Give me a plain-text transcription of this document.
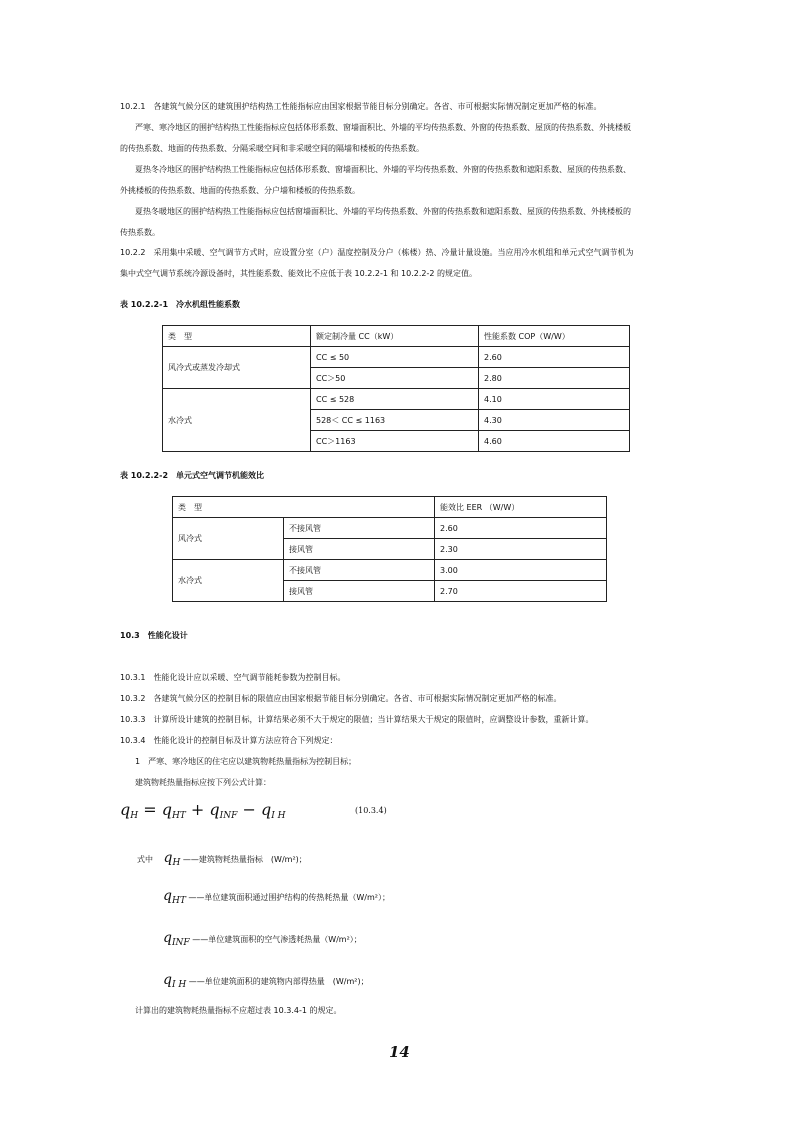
10.2.1　各建筑气候分区的建筑围护结构热工性能指标应由国家根据节能目标分别确定。各省、市可根据实际情况制定更加严格的标准。
严寒、寒冷地区的围护结构热工性能指标应包括体形系数、窗墙面积比、外墙的平均传热系数、外窗的传热系数、屋顶的传热系数、外挑楼板
的传热系数、地面的传热系数、分隔采暖空间和非采暖空间的隔墙和楼板的传热系数。
夏热冬冷地区的围护结构热工性能指标应包括体形系数、窗墙面积比、外墙的平均传热系数、外窗的传热系数和遮阳系数、屋顶的传热系数、
外挑楼板的传热系数、地面的传热系数、分户墙和楼板的传热系数。
夏热冬暖地区的围护结构热工性能指标应包括窗墙面积比、外墙的平均传热系数、外窗的传热系数和遮阳系数、屋顶的传热系数、外挑楼板的
传热系数。
10.2.2　采用集中采暖、空气调节方式时，应设置分室（户）温度控制及分户（栋楼）热、冷量计量设施。当应用冷水机组和单元式空气调节机为
集中式空气调节系统冷源设备时，其性能系数、能效比不应低于表 10.2.2-1 和 10.2.2-2 的规定值。
表 10.2.2-1　冷水机组性能系数
类　型	额定制冷量 CC（kW）	性能系数 COP（W/W）
风冷式或蒸发冷却式	CC ≤ 50	2.60
	CC＞50	2.80
水冷式	CC ≤ 528	4.10
	528＜ CC ≤ 1163	4.30
	CC＞1163	4.60
表 10.2.2-2　单元式空气调节机能效比
类　型		能效比 EER （W/W）
风冷式	不接风管	2.60
	接风管	2.30
水冷式	不接风管	3.00
	接风管	2.70
10.3　性能化设计
10.3.1　性能化设计应以采暖、空气调节能耗参数为控制目标。
10.3.2　各建筑气候分区的控制目标的限值应由国家根据节能目标分别确定。各省、市可根据实际情况制定更加严格的标准。
10.3.3　计算所设计建筑的控制目标，计算结果必须不大于规定的限值；当计算结果大于规定的限值时，应调整设计参数，重新计算。
10.3.4　性能化设计的控制目标及计算方法应符合下列规定：
1　严寒、寒冷地区的住宅应以建筑物耗热量指标为控制目标；
建筑物耗热量指标应按下列公式计算：
qH = qHT + qINF − qI H
(10.3.4)
式中 $q_H$ ——建筑物耗热量指标　(W/m²)；
$q_{HT}$ ——单位建筑面积通过围护结构的传热耗热量（W/m²）；
$q_{INF}$ ——单位建筑面积的空气渗透耗热量（W/m²）；
$q_{I H}$ ——单位建筑面积的建筑物内部得热量　(W/m²)；
计算出的建筑物耗热量指标不应超过表 10.3.4-1 的规定。
14
